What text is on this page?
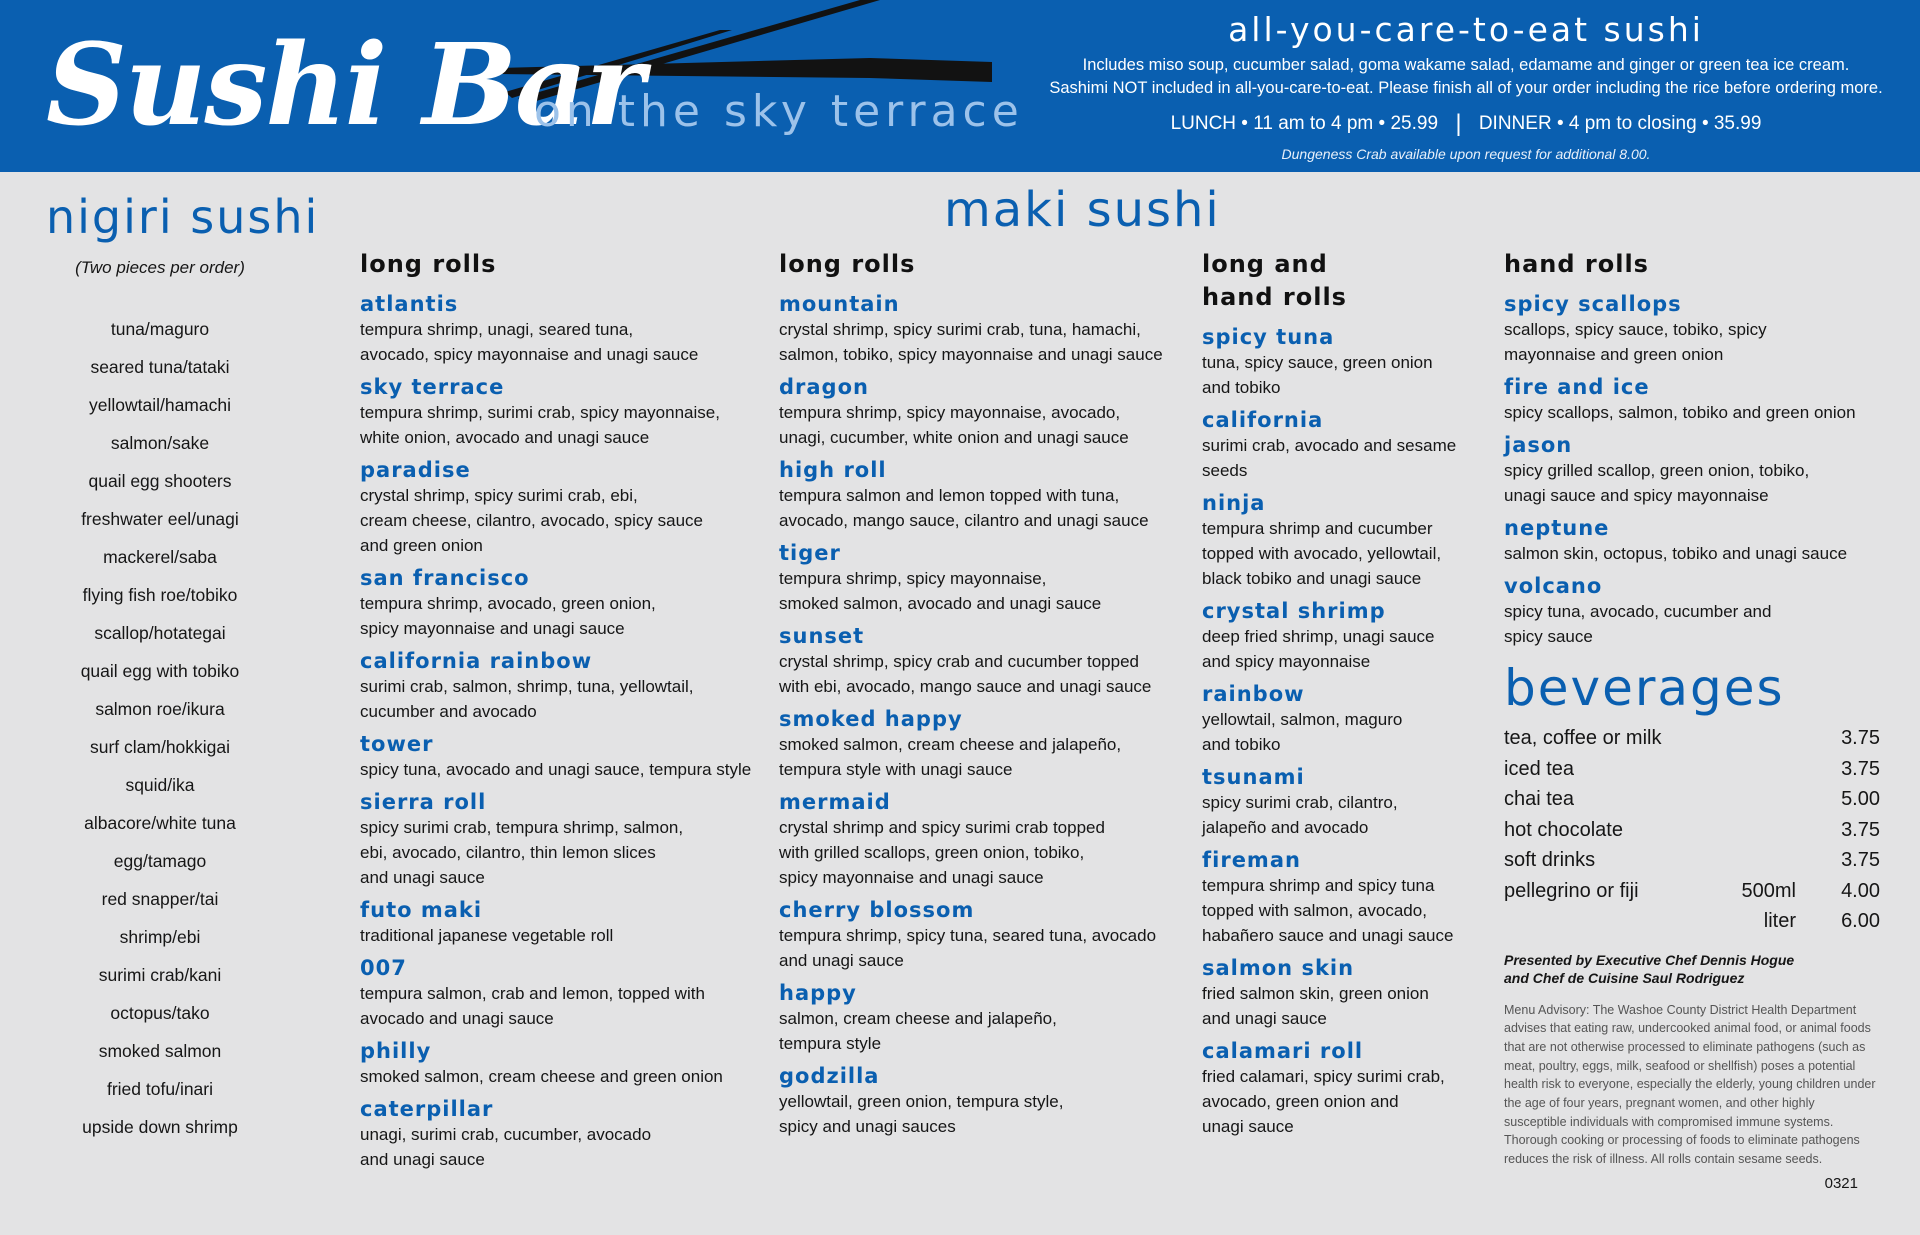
Sushi Bar
on the sky terrace
all-you-care-to-eat sushi
Includes miso soup, cucumber salad, goma wakame salad, edamame and ginger or green tea ice cream.
Sashimi NOT included in all-you-care-to-eat. Please finish all of your order including the rice before ordering more.
LUNCH • 11 am to 4 pm • 25.99 | DINNER • 4 pm to closing • 35.99
Dungeness Crab available upon request for additional 8.00.
nigiri sushi
(Two pieces per order)
tuna/maguro
seared tuna/tataki
yellowtail/hamachi
salmon/sake
quail egg shooters
freshwater eel/unagi
mackerel/saba
flying fish roe/tobiko
scallop/hotategai
quail egg with tobiko
salmon roe/ikura
surf clam/hokkigai
squid/ika
albacore/white tuna
egg/tamago
red snapper/tai
shrimp/ebi
surimi crab/kani
octopus/tako
smoked salmon
fried tofu/inari
upside down shrimp
maki sushi
long rolls
atlantis
tempura shrimp, unagi, seared tuna,
avocado, spicy mayonnaise and unagi sauce
sky terrace
tempura shrimp, surimi crab, spicy mayonnaise,
white onion, avocado and unagi sauce
paradise
crystal shrimp, spicy surimi crab, ebi,
cream cheese, cilantro, avocado, spicy sauce
and green onion
san francisco
tempura shrimp, avocado, green onion,
spicy mayonnaise and unagi sauce
california rainbow
surimi crab, salmon, shrimp, tuna, yellowtail,
cucumber and avocado
tower
spicy tuna, avocado and unagi sauce, tempura style
sierra roll
spicy surimi crab, tempura shrimp, salmon,
ebi, avocado, cilantro, thin lemon slices
and unagi sauce
futo maki
traditional japanese vegetable roll
007
tempura salmon, crab and lemon, topped with
avocado and unagi sauce
philly
smoked salmon, cream cheese and green onion
caterpillar
unagi, surimi crab, cucumber, avocado
and unagi sauce
long rolls
mountain
crystal shrimp, spicy surimi crab, tuna, hamachi,
salmon, tobiko, spicy mayonnaise and unagi sauce
dragon
tempura shrimp, spicy mayonnaise, avocado,
unagi, cucumber, white onion and unagi sauce
high roll
tempura salmon and lemon topped with tuna,
avocado, mango sauce, cilantro and unagi sauce
tiger
tempura shrimp, spicy mayonnaise,
smoked salmon, avocado and unagi sauce
sunset
crystal shrimp, spicy crab and cucumber topped
with ebi, avocado, mango sauce and unagi sauce
smoked happy
smoked salmon, cream cheese and jalapeño,
tempura style with unagi sauce
mermaid
crystal shrimp and spicy surimi crab topped
with grilled scallops, green onion, tobiko,
spicy mayonnaise and unagi sauce
cherry blossom
tempura shrimp, spicy tuna, seared tuna, avocado
and unagi sauce
happy
salmon, cream cheese and jalapeño,
tempura style
godzilla
yellowtail, green onion, tempura style,
spicy and unagi sauces
long and
hand rolls
spicy tuna
tuna, spicy sauce, green onion
and tobiko
california
surimi crab, avocado and sesame
seeds
ninja
tempura shrimp and cucumber
topped with avocado, yellowtail,
black tobiko and unagi sauce
crystal shrimp
deep fried shrimp, unagi sauce
and spicy mayonnaise
rainbow
yellowtail, salmon, maguro
and tobiko
tsunami
spicy surimi crab, cilantro,
jalapeño and avocado
fireman
tempura shrimp and spicy tuna
topped with salmon, avocado,
habañero sauce and unagi sauce
salmon skin
fried salmon skin, green onion
and unagi sauce
calamari roll
fried calamari, spicy surimi crab,
avocado, green onion and
unagi sauce
hand rolls
spicy scallops
scallops, spicy sauce, tobiko, spicy
mayonnaise and green onion
fire and ice
spicy scallops, salmon, tobiko and green onion
jason
spicy grilled scallop, green onion, tobiko,
unagi sauce and spicy mayonnaise
neptune
salmon skin, octopus, tobiko and unagi sauce
volcano
spicy tuna, avocado, cucumber and
spicy sauce
beverages
tea, coffee or milk	3.75
iced tea	3.75
chai tea	5.00
hot chocolate	3.75
soft drinks	3.75
pellegrino or fiji	500ml 4.00
liter 6.00
Presented by Executive Chef Dennis Hogue
and Chef de Cuisine Saul Rodriguez
Menu Advisory: The Washoe County District Health Department advises that eating raw, undercooked animal food, or animal foods that are not otherwise processed to eliminate pathogens (such as meat, poultry, eggs, milk, seafood or shellfish) poses a potential health risk to everyone, especially the elderly, young children under the age of four years, pregnant women, and other highly susceptible individuals with compromised immune systems. Thorough cooking or processing of foods to eliminate pathogens reduces the risk of illness. All rolls contain sesame seeds.
0321
